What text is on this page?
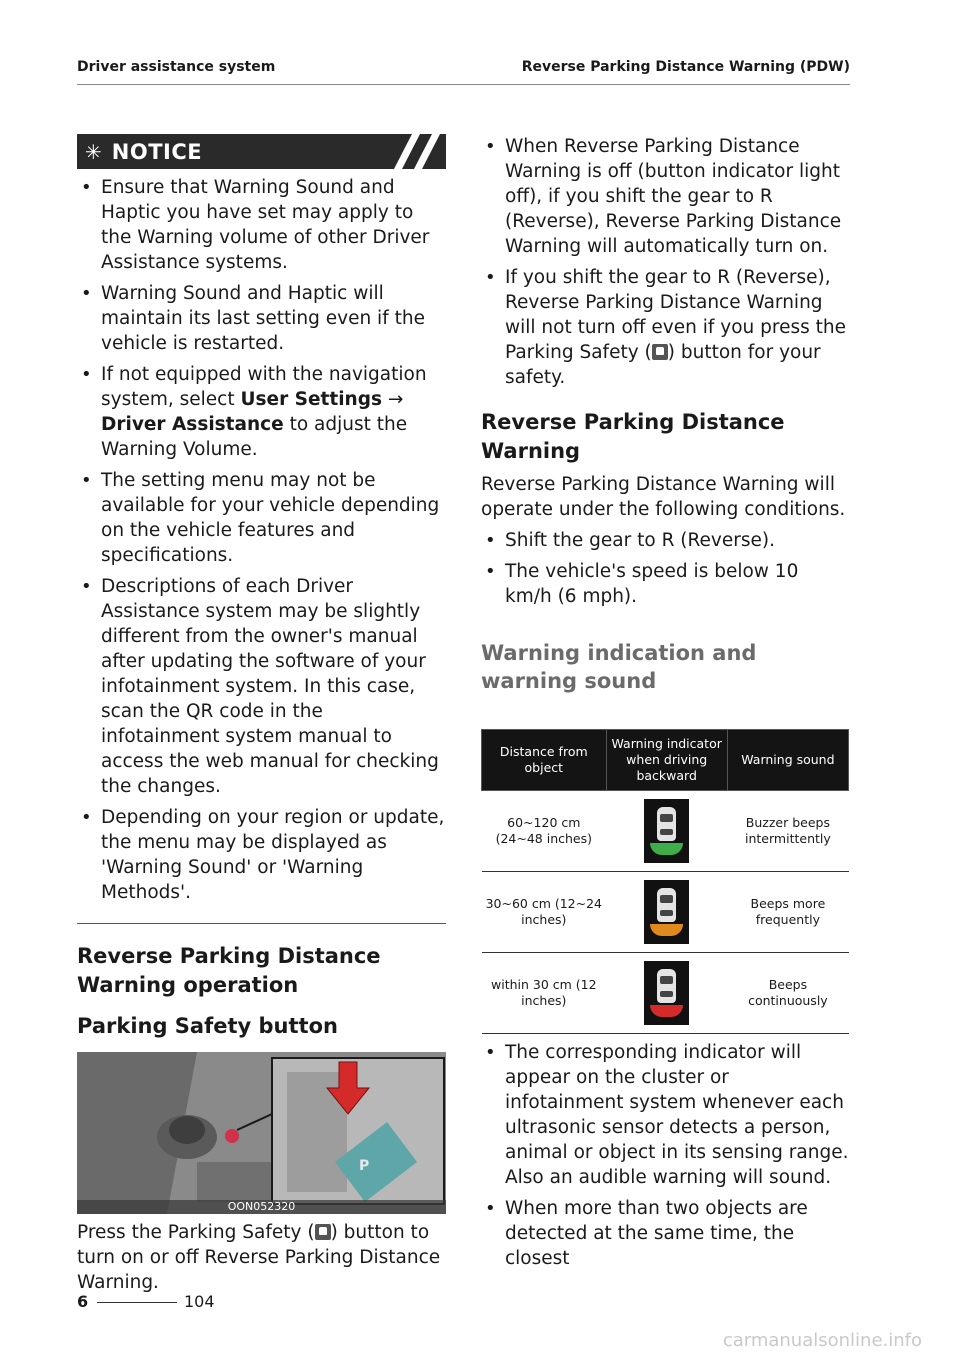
Driver assistance system	Reverse Parking Distance Warning (PDW)
✳ NOTICE
• Ensure that Warning Sound and Haptic you have set may apply to the Warning volume of other Driver Assistance systems.
• Warning Sound and Haptic will maintain its last setting even if the vehicle is restarted.
• If not equipped with the navigation system, select User Settings → Driver Assistance to adjust the Warning Volume.
• The setting menu may not be available for your vehicle depending on the vehicle features and specifications.
• Descriptions of each Driver Assistance system may be slightly different from the owner's manual after updating the software of your infotainment system. In this case, scan the QR code in the infotainment system manual to access the web manual for checking the changes.
• Depending on your region or update, the menu may be displayed as 'Warning Sound' or 'Warning Methods'.
Reverse Parking Distance Warning operation
Parking Safety button
P
OON052320

Press the Parking Safety ( ) button to turn on or off Reverse Parking Distance Warning.

• When Reverse Parking Distance Warning is off (button indicator light off), if you shift the gear to R (Reverse), Reverse Parking Distance Warning will automatically turn on.
• If you shift the gear to R (Reverse), Reverse Parking Distance Warning will not turn off even if you press the Parking Safety ( ) button for your safety.
Reverse Parking Distance Warning

Reverse Parking Distance Warning will operate under the following conditions.

• Shift the gear to R (Reverse).
• The vehicle's speed is below 10 km/h (6 mph).
Warning indication and warning sound
Distance from object	Warning indicator when driving backward	Warning sound
60~120 cm (24~48 inches)		Buzzer beeps intermittently
30~60 cm (12~24 inches)		Beeps more frequently
within 30 cm (12 inches)		Beeps continuously
• The corresponding indicator will appear on the cluster or infotainment system whenever each ultrasonic sensor detects a person, animal or object in its sensing range. Also an audible warning will sound.
• When more than two objects are detected at the same time, the closest
6	104
carmanualsonline.info
